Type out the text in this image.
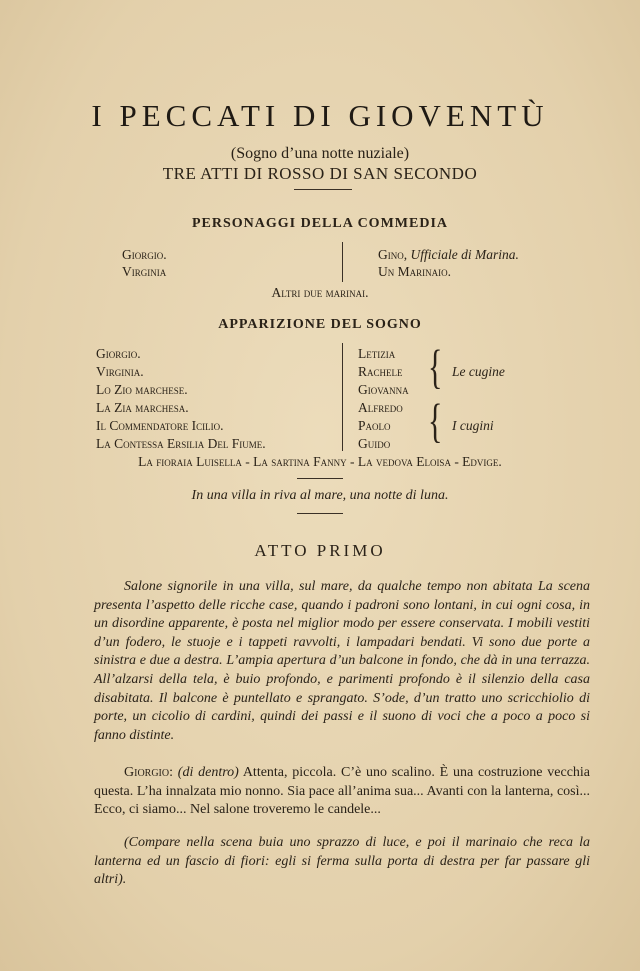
I PECCATI DI GIOVENTÙ
(Sogno d’una notte nuziale)
TRE ATTI DI ROSSO DI SAN SECONDO
PERSONAGGI DELLA COMMEDIA
Giorgio.
Virginia
Gino, Ufficiale di Marina.
Un Marinaio.
Altri due marinai.
APPARIZIONE DEL SOGNO
Giorgio.
Virginia.
Lo Zio marchese.
La Zia marchesa.
Il Commendatore Icilio.
La Contessa Ersilia Del Fiume.
Letizia
Rachele
Giovanna { Le cugine
Alfredo
Paolo
Guido { I cugini
La fioraia Luisella - La sartina Fanny - La vedova Eloisa - Edvige.
In una villa in riva al mare, una notte di luna.
ATTO PRIMO

Salone signorile in una villa, sul mare, da qualche tempo non abitata La scena presenta l’aspetto delle ricche case, quando i padroni sono lontani, in cui ogni cosa, in un disordine apparente, è posta nel miglior modo per essere conservata. I mobili vestiti d’un fodero, le stuoje e i tappeti ravvolti, i lampadari bendati. Vi sono due porte a sinistra e due a destra. L’ampia apertura d’un balcone in fondo, che dà in una terrazza. All’alzarsi della tela, è buio profondo, e parimenti profondo è il silenzio della casa disabitata. Il balcone è puntellato e sprangato. S’ode, d’un tratto uno scricchiolio di porte, un cicolio di cardini, quindi dei passi e il suono di voci che a poco a poco si fanno distinte.

Giorgio: (di dentro) Attenta, piccola. C’è uno scalino. È una costruzione vecchia questa. L’ha innalzata mio nonno. Sia pace all’anima sua... Avanti con la lanterna, così... Ecco, ci siamo... Nel salone troveremo le candele...

(Compare nella scena buia uno sprazzo di luce, e poi il marinaio che reca la lanterna ed un fascio di fiori: egli si ferma sulla porta di destra per far passare gli altri).
